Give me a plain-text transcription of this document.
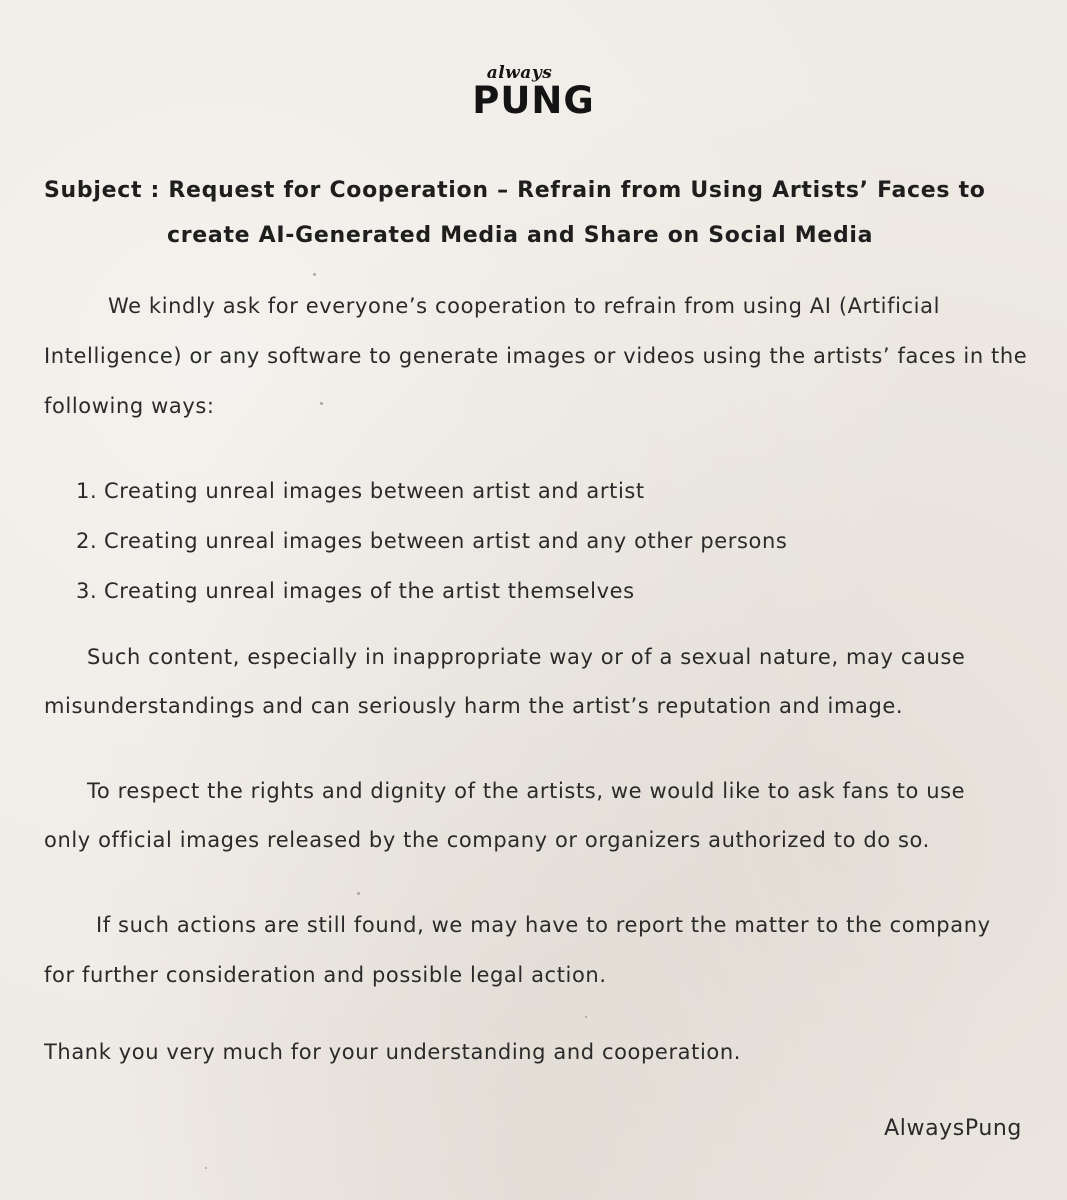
always
PUNG
Subject : Request for Cooperation – Refrain from Using Artists’ Faces to
create AI-Generated Media and Share on Social Media

We kindly ask for everyone’s cooperation to refrain from using AI (Artificial

Intelligence) or any software to generate images or videos using the artists’ faces in the

following ways:

1. Creating unreal images between artist and artist
2. Creating unreal images between artist and any other persons
3. Creating unreal images of the artist themselves

Such content, especially in inappropriate way or of a sexual nature, may cause

misunderstandings and can seriously harm the artist’s reputation and image.

To respect the rights and dignity of the artists, we would like to ask fans to use

only official images released by the company or organizers authorized to do so.

If such actions are still found, we may have to report the matter to the company

for further consideration and possible legal action.

Thank you very much for your understanding and cooperation.

AlwaysPung
